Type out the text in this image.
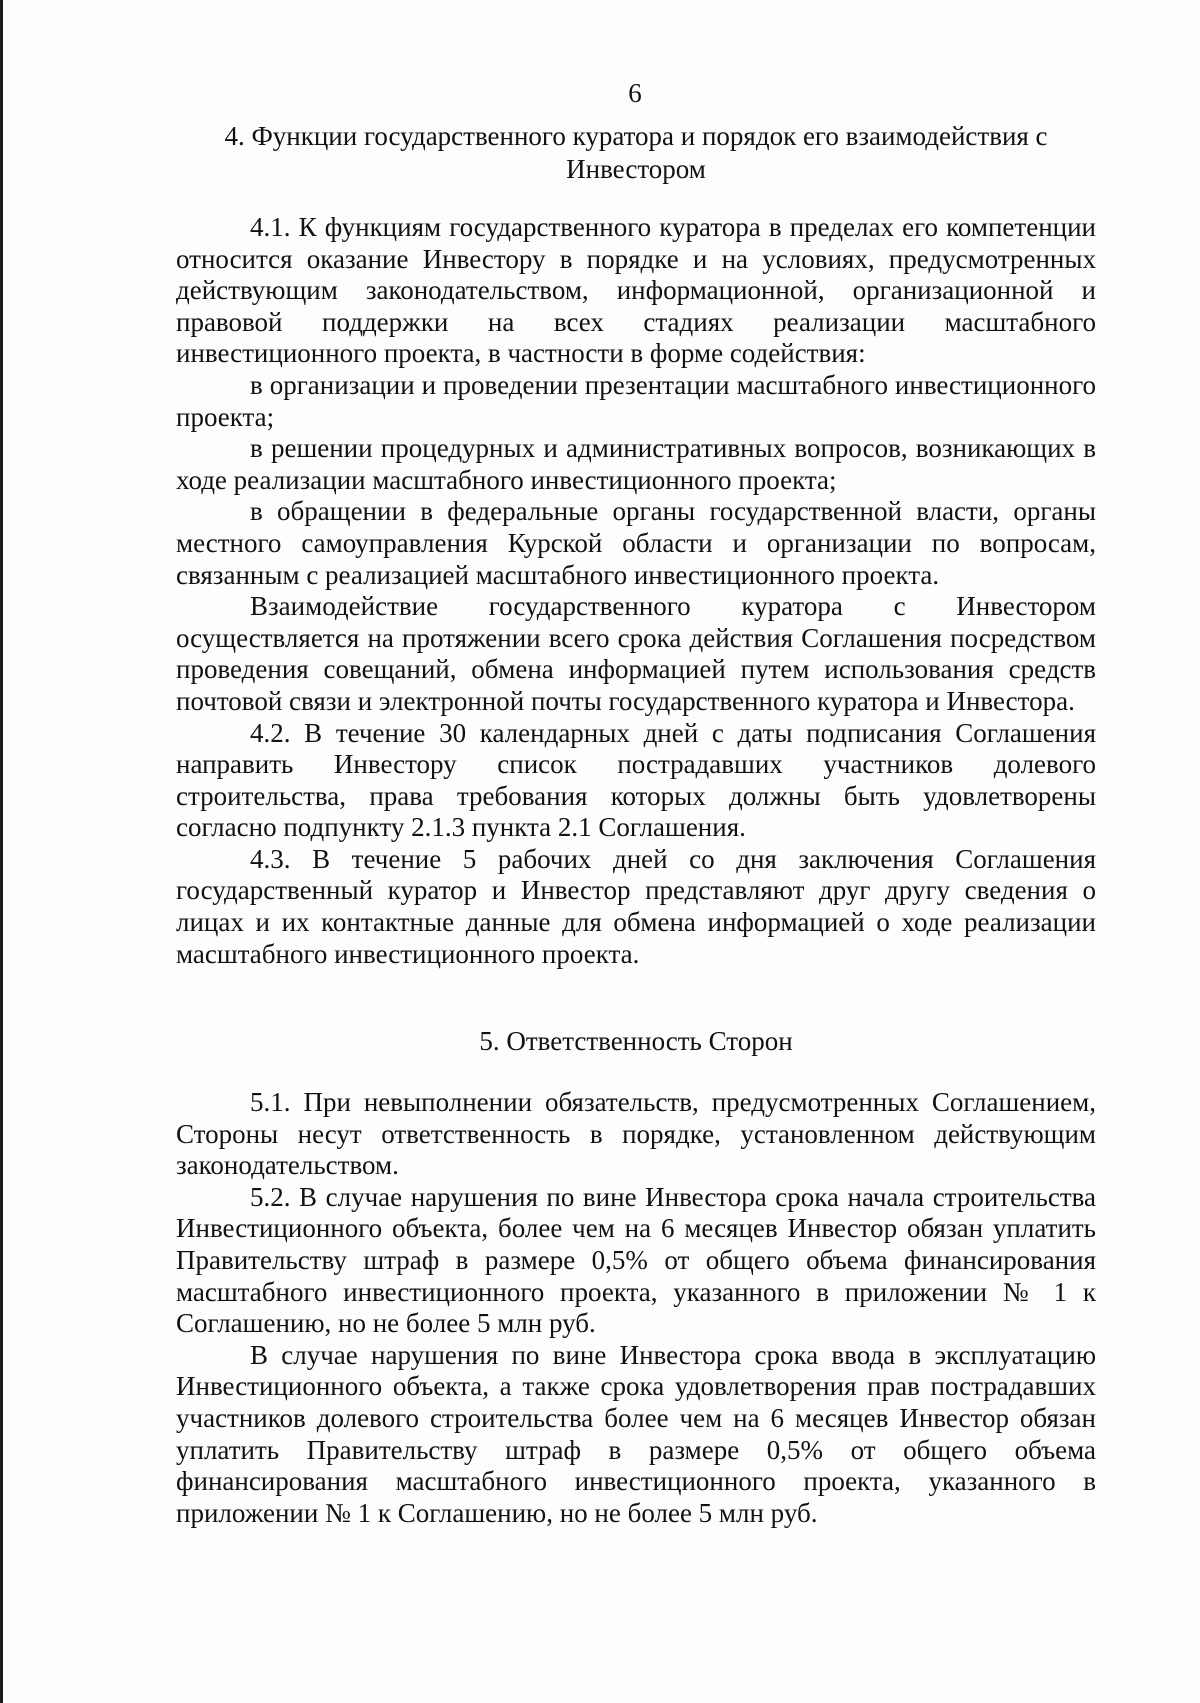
6
4. Функции государственного куратора и порядок его взаимодействия с Инвестором

4.1. К функциям государственного куратора в пределах его компетенции относится оказание Инвестору в порядке и на условиях, предусмотренных действующим законодательством, информационной, организационной и правовой поддержки на всех стадиях реализации масштабного инвестиционного проекта, в частности в форме содействия:

в организации и проведении презентации масштабного инвестиционного проекта;

в решении процедурных и административных вопросов, возникающих в ходе реализации масштабного инвестиционного проекта;

в обращении в федеральные органы государственной власти, органы местного самоуправления Курской области и организации по вопросам, связанным с реализацией масштабного инвестиционного проекта.

Взаимодействие государственного куратора с Инвестором осуществляется на протяжении всего срока действия Соглашения посредством проведения совещаний, обмена информацией путем использования средств почтовой связи и электронной почты государственного куратора и Инвестора.

4.2. В течение 30 календарных дней с даты подписания Соглашения направить Инвестору список пострадавших участников долевого строительства, права требования которых должны быть удовлетворены согласно подпункту 2.1.3 пункта 2.1 Соглашения.

4.3. В течение 5 рабочих дней со дня заключения Соглашения государственный куратор и Инвестор представляют друг другу сведения о лицах и их контактные данные для обмена информацией о ходе реализации масштабного инвестиционного проекта.

5. Ответственность Сторон

5.1. При невыполнении обязательств, предусмотренных Соглашением, Стороны несут ответственность в порядке, установленном действующим законодательством.

5.2. В случае нарушения по вине Инвестора срока начала строительства Инвестиционного объекта, более чем на 6 месяцев Инвестор обязан уплатить Правительству штраф в размере 0,5% от общего объема финансирования масштабного инвестиционного проекта, указанного в приложении № 1 к Соглашению, но не более 5 млн руб.

В случае нарушения по вине Инвестора срока ввода в эксплуатацию Инвестиционного объекта, а также срока удовлетворения прав пострадавших участников долевого строительства более чем на 6 месяцев Инвестор обязан уплатить Правительству штраф в размере 0,5% от общего объема финансирования масштабного инвестиционного проекта, указанного в приложении № 1 к Соглашению, но не более 5 млн руб.
